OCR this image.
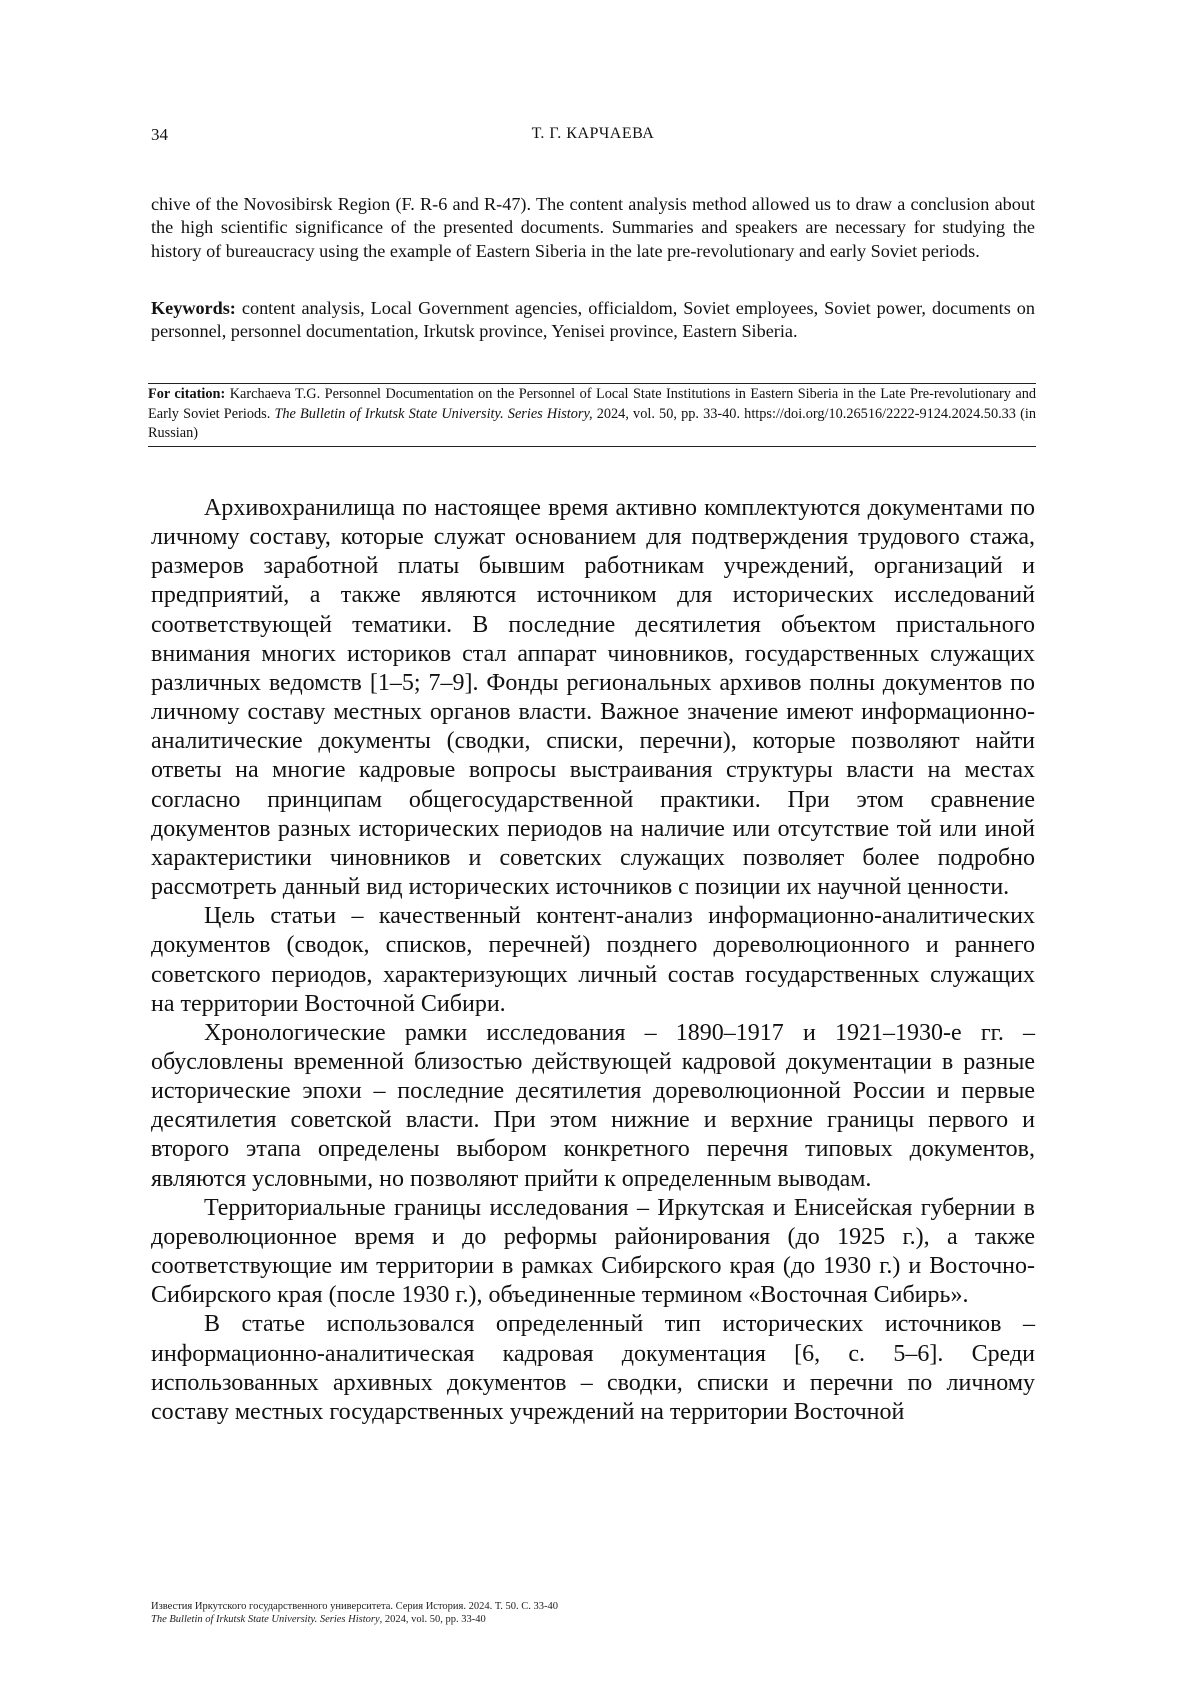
34	Т. Г. КАРЧАЕВА

chive of the Novosibirsk Region (F. R-6 and R-47). The content analysis method allowed us to draw a conclusion about the high scientific significance of the presented documents. Summaries and speakers are necessary for studying the history of bureaucracy using the example of Eastern Siberia in the late pre-revolutionary and early Soviet periods.

Keywords: content analysis, Local Government agencies, officialdom, Soviet employees, Soviet power, documents on personnel, personnel documentation, Irkutsk province, Yenisei province, Eastern Siberia.

For citation: Karchaeva T.G. Personnel Documentation on the Personnel of Local State Institutions in Eastern Siberia in the Late Pre-revolutionary and Early Soviet Periods. The Bulletin of Irkutsk State University. Series History, 2024, vol. 50, pp. 33-40. https://doi.org/10.26516/2222-9124.2024.50.33 (in Russian)

Архивохранилища по настоящее время активно комплектуются документами по личному составу, которые служат основанием для подтверждения трудового стажа, размеров заработной платы бывшим работникам учреждений, организаций и предприятий, а также являются источником для исторических исследований соответствующей тематики. В последние десятилетия объектом пристального внимания многих историков стал аппарат чиновников, государственных служащих различных ведомств [1–5; 7–9]. Фонды региональных архивов полны документов по личному составу местных органов власти. Важное значение имеют информационно-аналитические документы (сводки, списки, перечни), которые позволяют найти ответы на многие кадровые вопросы выстраивания структуры власти на местах согласно принципам общегосударственной практики. При этом сравнение документов разных исторических периодов на наличие или отсутствие той или иной характеристики чиновников и советских служащих позволяет более подробно рассмотреть данный вид исторических источников с позиции их научной ценности.

Цель статьи – качественный контент-анализ информационно-аналитических документов (сводок, списков, перечней) позднего дореволюционного и раннего советского периодов, характеризующих личный состав государственных служащих на территории Восточной Сибири.

Хронологические рамки исследования – 1890–1917 и 1921–1930-е гг. – обусловлены временной близостью действующей кадровой документации в разные исторические эпохи – последние десятилетия дореволюционной России и первые десятилетия советской власти. При этом нижние и верхние границы первого и второго этапа определены выбором конкретного перечня типовых документов, являются условными, но позволяют прийти к определенным выводам.

Территориальные границы исследования – Иркутская и Енисейская губернии в дореволюционное время и до реформы районирования (до 1925 г.), а также соответствующие им территории в рамках Сибирского края (до 1930 г.) и Восточно-Сибирского края (после 1930 г.), объединенные термином «Восточная Сибирь».

В статье использовался определенный тип исторических источников – информационно-аналитическая кадровая документация [6, с. 5–6]. Среди использованных архивных документов – сводки, списки и перечни по личному составу местных государственных учреждений на территории Восточной

Известия Иркутского государственного университета. Серия История. 2024. Т. 50. С. 33-40
The Bulletin of Irkutsk State University. Series History, 2024, vol. 50, pp. 33-40
